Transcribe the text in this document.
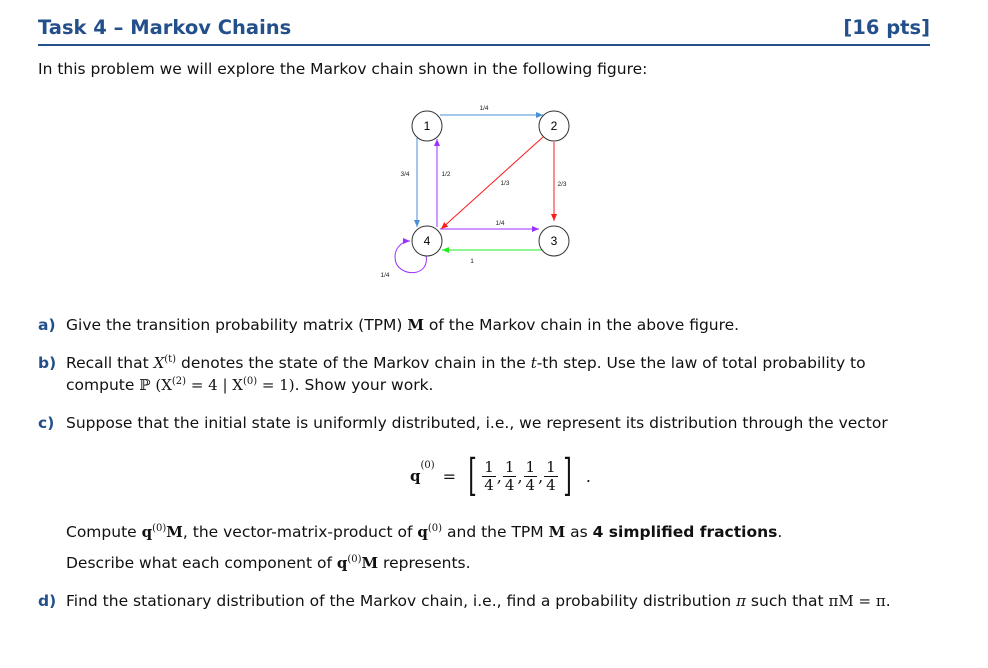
Task 4 – Markov Chains	[16 pts]
In this problem we will explore the Markov chain shown in the following figure:
1	2
3
4
1/4
3/4	1/2
1/3	2/3
1/4
1
1/4
a) Give the transition probability matrix (TPM) M of the Markov chain in the above figure.
b) Recall that $X^{(t)}$ denotes the state of the Markov chain in the t-th step. Use the law of total probability to
compute ℙ ($X^{(2)} = 4$ | $X^{(0)} = 1$). Show your work.
c) Suppose that the initial state is uniformly distributed, i.e., we represent its distribution through the vector
q
$^{(0)}$
= [ $\frac{1}{4}$ , $\frac{1}{4}$ , $\frac{1}{4}$ , $\frac{1}{4}$ ] .
Compute $q^{(0)}M$, the vector-matrix-product of $q^{(0)}$ and the TPM M as 4 simplified fractions.
Describe what each component of $q^{(0)}M$ represents.
d) Find the stationary distribution of the Markov chain, i.e., find a probability distribution π such that πM = π.
